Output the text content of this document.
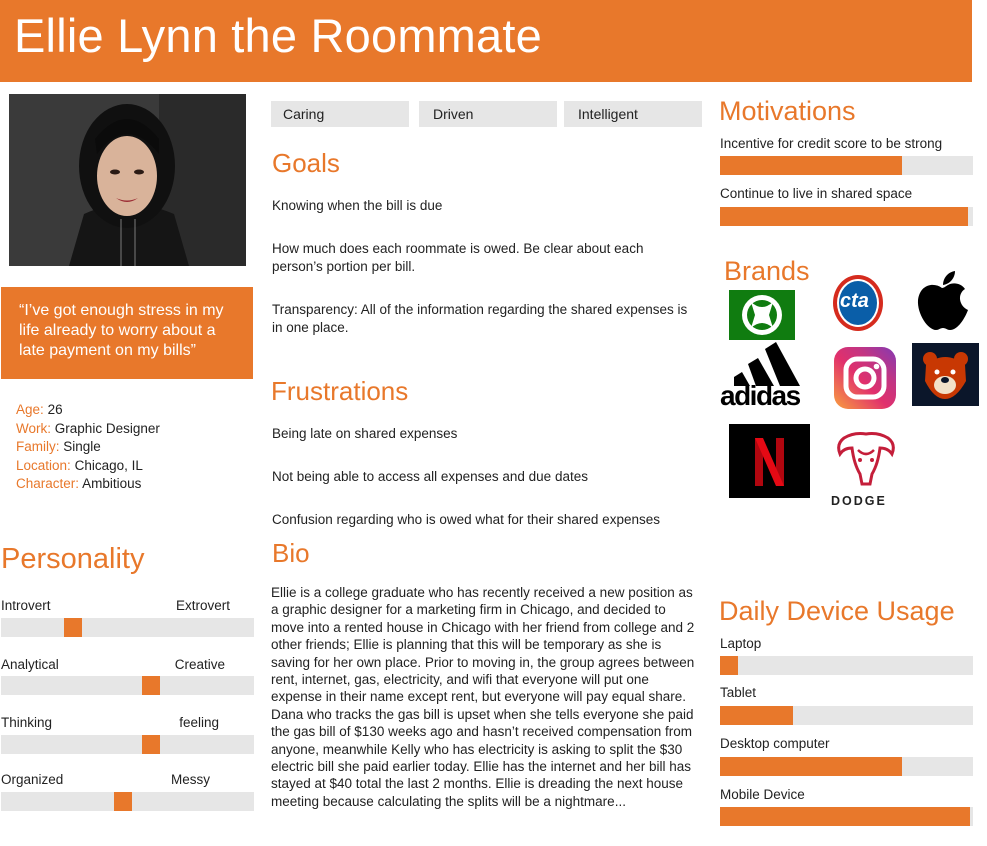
Ellie Lynn the Roommate
“I’ve got enough stress in my life already to worry about a late payment on my bills”
Age: 26
Work: Graphic Designer
Family: Single
Location: Chicago, IL
Character: Ambitious
Personality
Introvert	Extrovert
Analytical	Creative
Thinking	feeling
Organized	Messy
Caring	Driven	Intelligent
Goals
Knowing when the bill is due
How much does each roommate is owed. Be clear about each person’s portion per bill.
Transparency: All of the information regarding the shared expenses is in one place.
Frustrations
Being late on shared expenses
Not being able to access all expenses and due dates
Confusion regarding who is owed what for their shared expenses
Bio
Ellie is a college graduate who has recently received a new position as a graphic designer for a marketing firm in Chicago, and decided to move into a rented house in Chicago with her friend from college and 2 other friends; Ellie is planning that this will be temporary as she is saving for her own place. Prior to moving in, the group agrees between rent, internet, gas, electricity, and wifi that everyone will put one expense in their name except rent, but everyone will pay equal share. Dana who tracks the gas bill is upset when she tells everyone she paid the gas bill of $130 weeks ago and hasn’t received compensation from anyone, meanwhile Kelly who has electricity is asking to split the $30 electric bill she paid earlier today. Ellie has the internet and her bill has stayed at $40 total the last 2 months. Ellie is dreading the next house meeting because calculating the splits will be a nightmare...
Motivations
Incentive for credit score to be strong
Continue to live in shared space
Brands
cta
adidas
DODGE
Daily Device Usage
Laptop
Tablet
Desktop computer
Mobile Device
